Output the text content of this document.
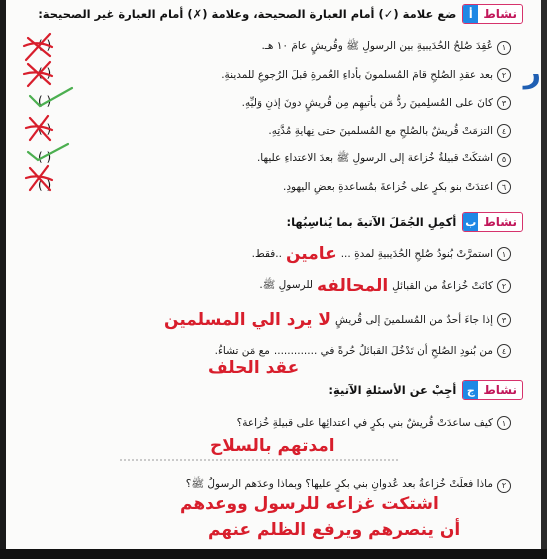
ر
نشاط
أ
ضع علامة (✓) أمام العبارة الصحيحة، وعلامة (✗) أمام العبارة غير الصحيحة:
١
عُقِدَ صُلحُ الحُدَيبيةِ بين الرسولِ ﷺ وقُريشٍ عامَ ١٠ هـ.
٢
بعد عقدِ الصُلحِ قامَ المُسلمونَ بأداءِ العُمرةِ قبلَ الرُجوعِ للمدينةِ.
٣
كانَ على المُسلِمينَ ردُّ مَن يأتيهِم مِن قُريشٍ دونَ إذنِ وَليِّهِ.
٤
التزمَتْ قُريشٌ بالصُلحِ مع المُسلمينَ حتى نِهايةِ مُدَّتِهِ.
٥
اشتكَتْ قبيلةُ خُزاعة إلى الرسولِ ﷺ بعدَ الاعتداءِ عليها.
٦
اعتدَتْ بنو بكرٍ على خُزاعةَ بمُساعدةِ بعضِ اليهودِ.
( )
( )
( )
( )
( )
( )
نشاط
ب
أكمِلِ الجُمَلَ الآتيةَ بما يُناسِبُها:
١
استمرَّتْ بُنودُ صُلحِ الحُدَيبيةِ لمدةِ ...
عامين
..فقط.
٢
كانَتْ خُزاعةُ من القبائلِ
المحالفه
للرسولِ ﷺ.
٣
إذا جاءَ أحدٌ من المُسلمينَ إلى قُريشٍ
لا يرد الي المسلمين
٤
من بُنودِ الصُلحِ أن تَدْخُلَ القبائلُ حُرةً في .............
مع مَن تشاءُ.
عقد الحلف
نشاط
ج
أجِبْ عن الأسئلةِ الآتيةِ:
١
كيف ساعدَتْ قُريشٌ بني بكرٍ في اعتدائِها على قبيلةِ خُزاعة؟
امدتهم بالسلاح
٢
ماذا فعلَتْ خُزاعةُ بعد عُدوانِ بني بكرٍ عليها؟ وبماذا وعدَهم الرسولُ ﷺ؟
اشتكت غزاعه للرسول ووعدهم
أن ينصرهم ويرفع الظلم عنهم
